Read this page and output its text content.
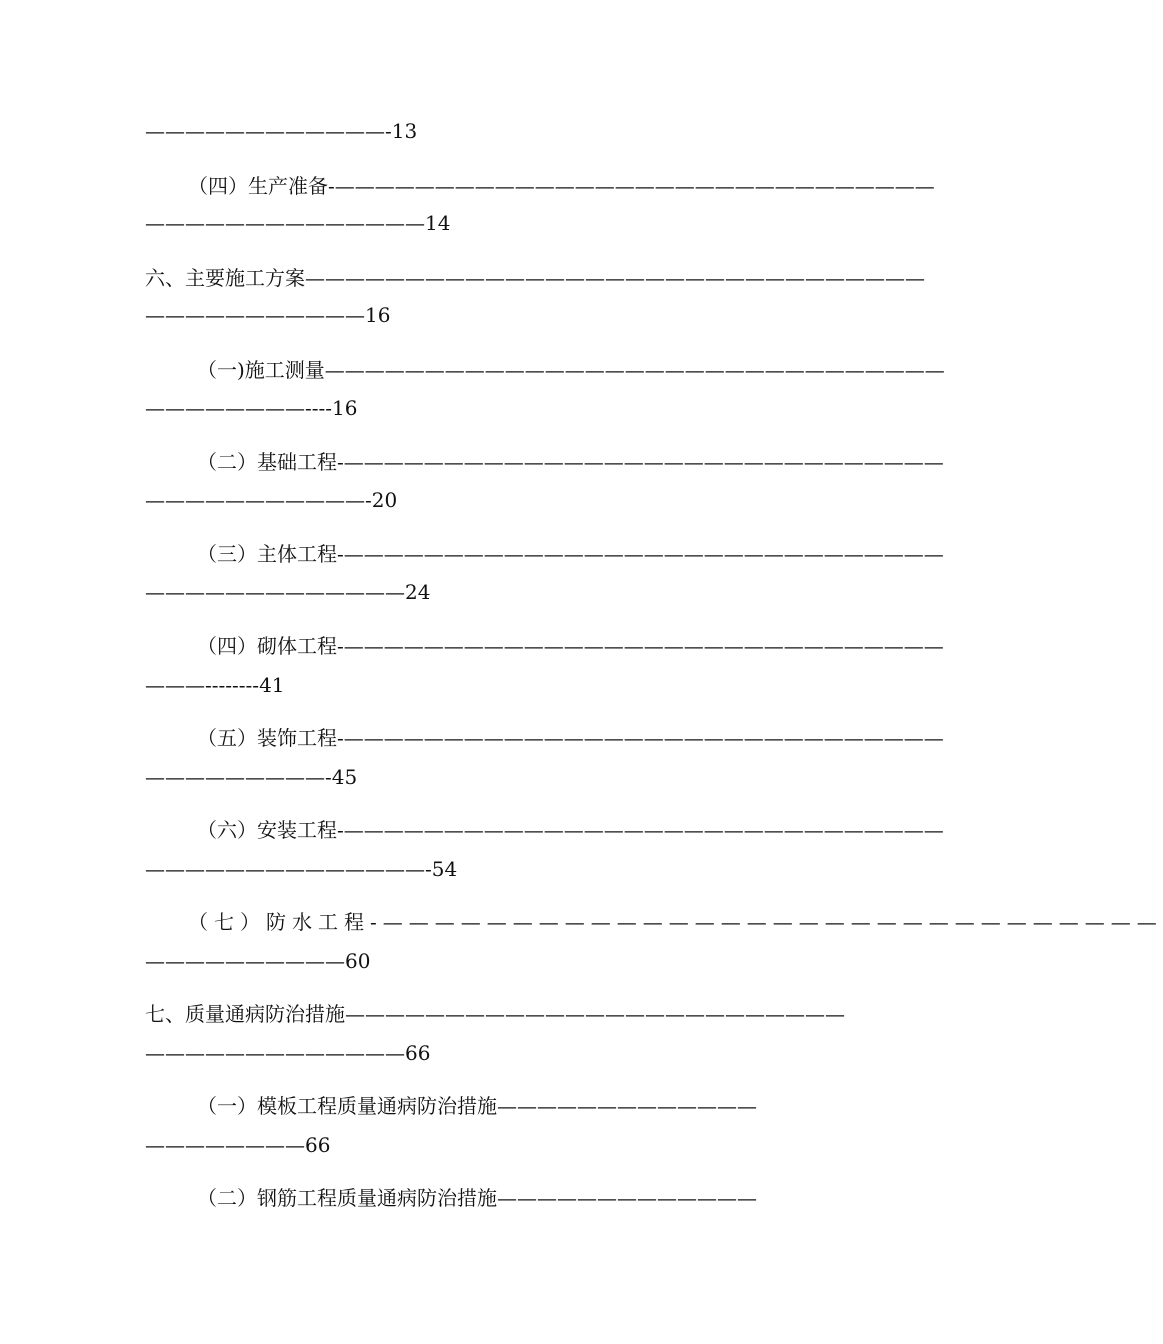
————————————-13
（四）生产准备-——————————————————————————————
——————————————14
六、主要施工方案———————————————————————————————
———————————16
（一)施工测量———————————————————————————————
————————----16
（二）基础工程-——————————————————————————————
———————————-20
（三）主体工程-——————————————————————————————
—————————————24
（四）砌体工程-——————————————————————————————
———--------41
（五）装饰工程-——————————————————————————————
—————————-45
（六）安装工程-——————————————————————————————
——————————————-54
（七）防水工程-——————————————————————————————
——————————60
七、质量通病防治措施—————————————————————————
—————————————66
（一）模板工程质量通病防治措施—————————————
————————66
（二）钢筋工程质量通病防治措施—————————————
